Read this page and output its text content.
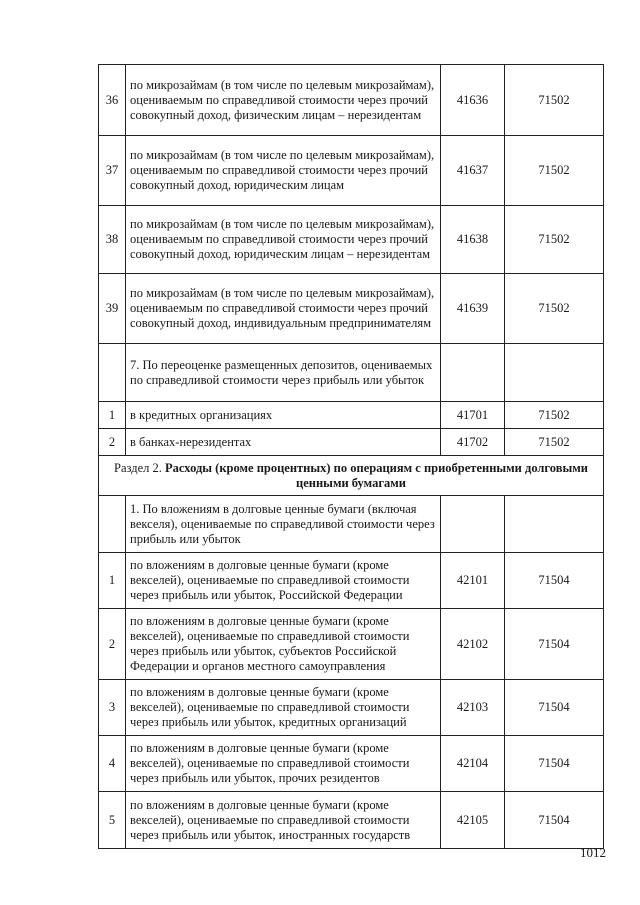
36	по микрозаймам (в том числе по целевым микрозаймам), оцениваемым по справедливой стоимости через прочий совокупный доход, физическим лицам – нерезидентам	41636	71502
37	по микрозаймам (в том числе по целевым микрозаймам), оцениваемым по справедливой стоимости через прочий совокупный доход, юридическим лицам	41637	71502
38	по микрозаймам (в том числе по целевым микрозаймам), оцениваемым по справедливой стоимости через прочий совокупный доход, юридическим лицам – нерезидентам	41638	71502
39	по микрозаймам (в том числе по целевым микрозаймам), оцениваемым по справедливой стоимости через прочий совокупный доход, индивидуальным предпринимателям	41639	71502
	7. По переоценке размещенных депозитов, оцениваемых по справедливой стоимости через прибыль или убыток		
1	в кредитных организациях	41701	71502
2	в банках-нерезидентах	41702	71502
Раздел 2. Расходы (кроме процентных) по операциям с приобретенными долговыми ценными бумагами			
	1. По вложениям в долговые ценные бумаги (включая векселя), оцениваемые по справедливой стоимости через прибыль или убыток		
1	по вложениям в долговые ценные бумаги (кроме векселей), оцениваемые по справедливой стоимости через прибыль или убыток, Российской Федерации	42101	71504
2	по вложениям в долговые ценные бумаги (кроме векселей), оцениваемые по справедливой стоимости через прибыль или убыток, субъектов Российской Федерации и органов местного самоуправления	42102	71504
3	по вложениям в долговые ценные бумаги (кроме векселей), оцениваемые по справедливой стоимости через прибыль или убыток, кредитных организаций	42103	71504
4	по вложениям в долговые ценные бумаги (кроме векселей), оцениваемые по справедливой стоимости через прибыль или убыток, прочих резидентов	42104	71504
5	по вложениям в долговые ценные бумаги (кроме векселей), оцениваемые по справедливой стоимости через прибыль или убыток, иностранных государств	42105	71504
1012
